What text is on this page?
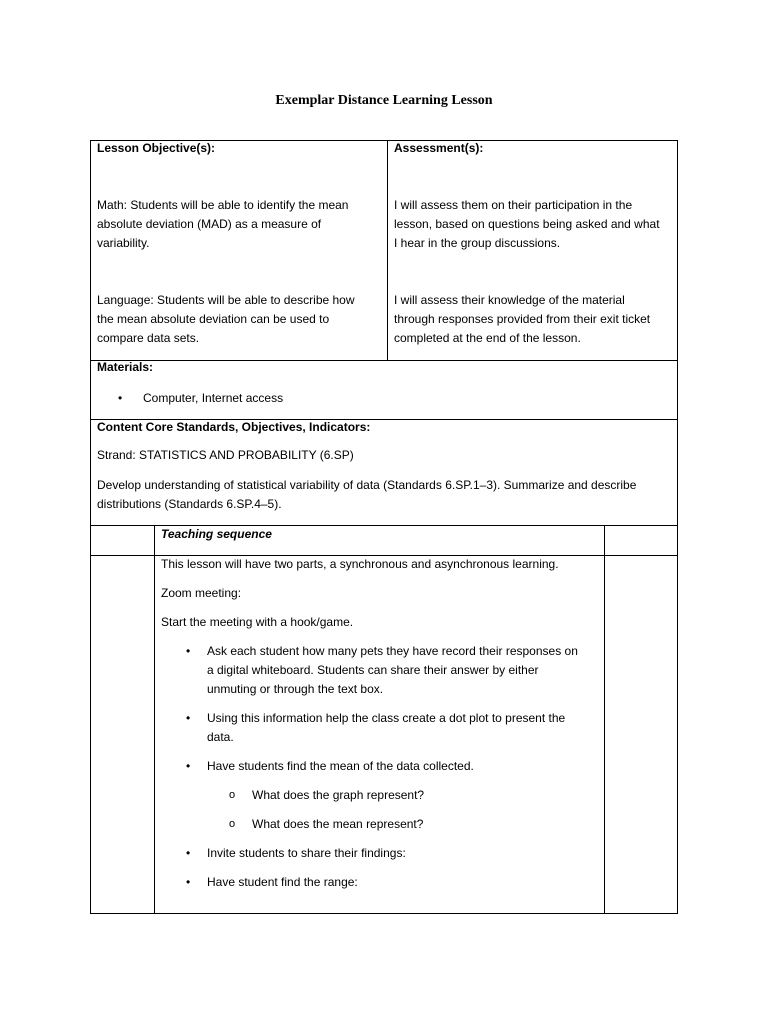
Exemplar Distance Learning Lesson
Lesson Objective(s):
Math: Students will be able to identify the mean
absolute deviation (MAD) as a measure of
variability.
Language: Students will be able to describe how
the mean absolute deviation can be used to
compare data sets.
Assessment(s):
I will assess them on their participation in the
lesson, based on questions being asked and what
I hear in the group discussions.
I will assess their knowledge of the material
through responses provided from their exit ticket
completed at the end of the lesson.
Materials:
• Computer, Internet access
Content Core Standards, Objectives, Indicators:
Strand: STATISTICS AND PROBABILITY (6.SP)
Develop understanding of statistical variability of data (Standards 6.SP.1–3). Summarize and describe
distributions (Standards 6.SP.4–5).
Teaching sequence
This lesson will have two parts, a synchronous and asynchronous learning.
Zoom meeting:
Start the meeting with a hook/game.
• Ask each student how many pets they have record their responses on
a digital whiteboard. Students can share their answer by either
unmuting or through the text box.
• Using this information help the class create a dot plot to present the
data.
• Have students find the mean of the data collected.
o What does the graph represent?
o What does the mean represent?
• Invite students to share their findings:
• Have student find the range:
